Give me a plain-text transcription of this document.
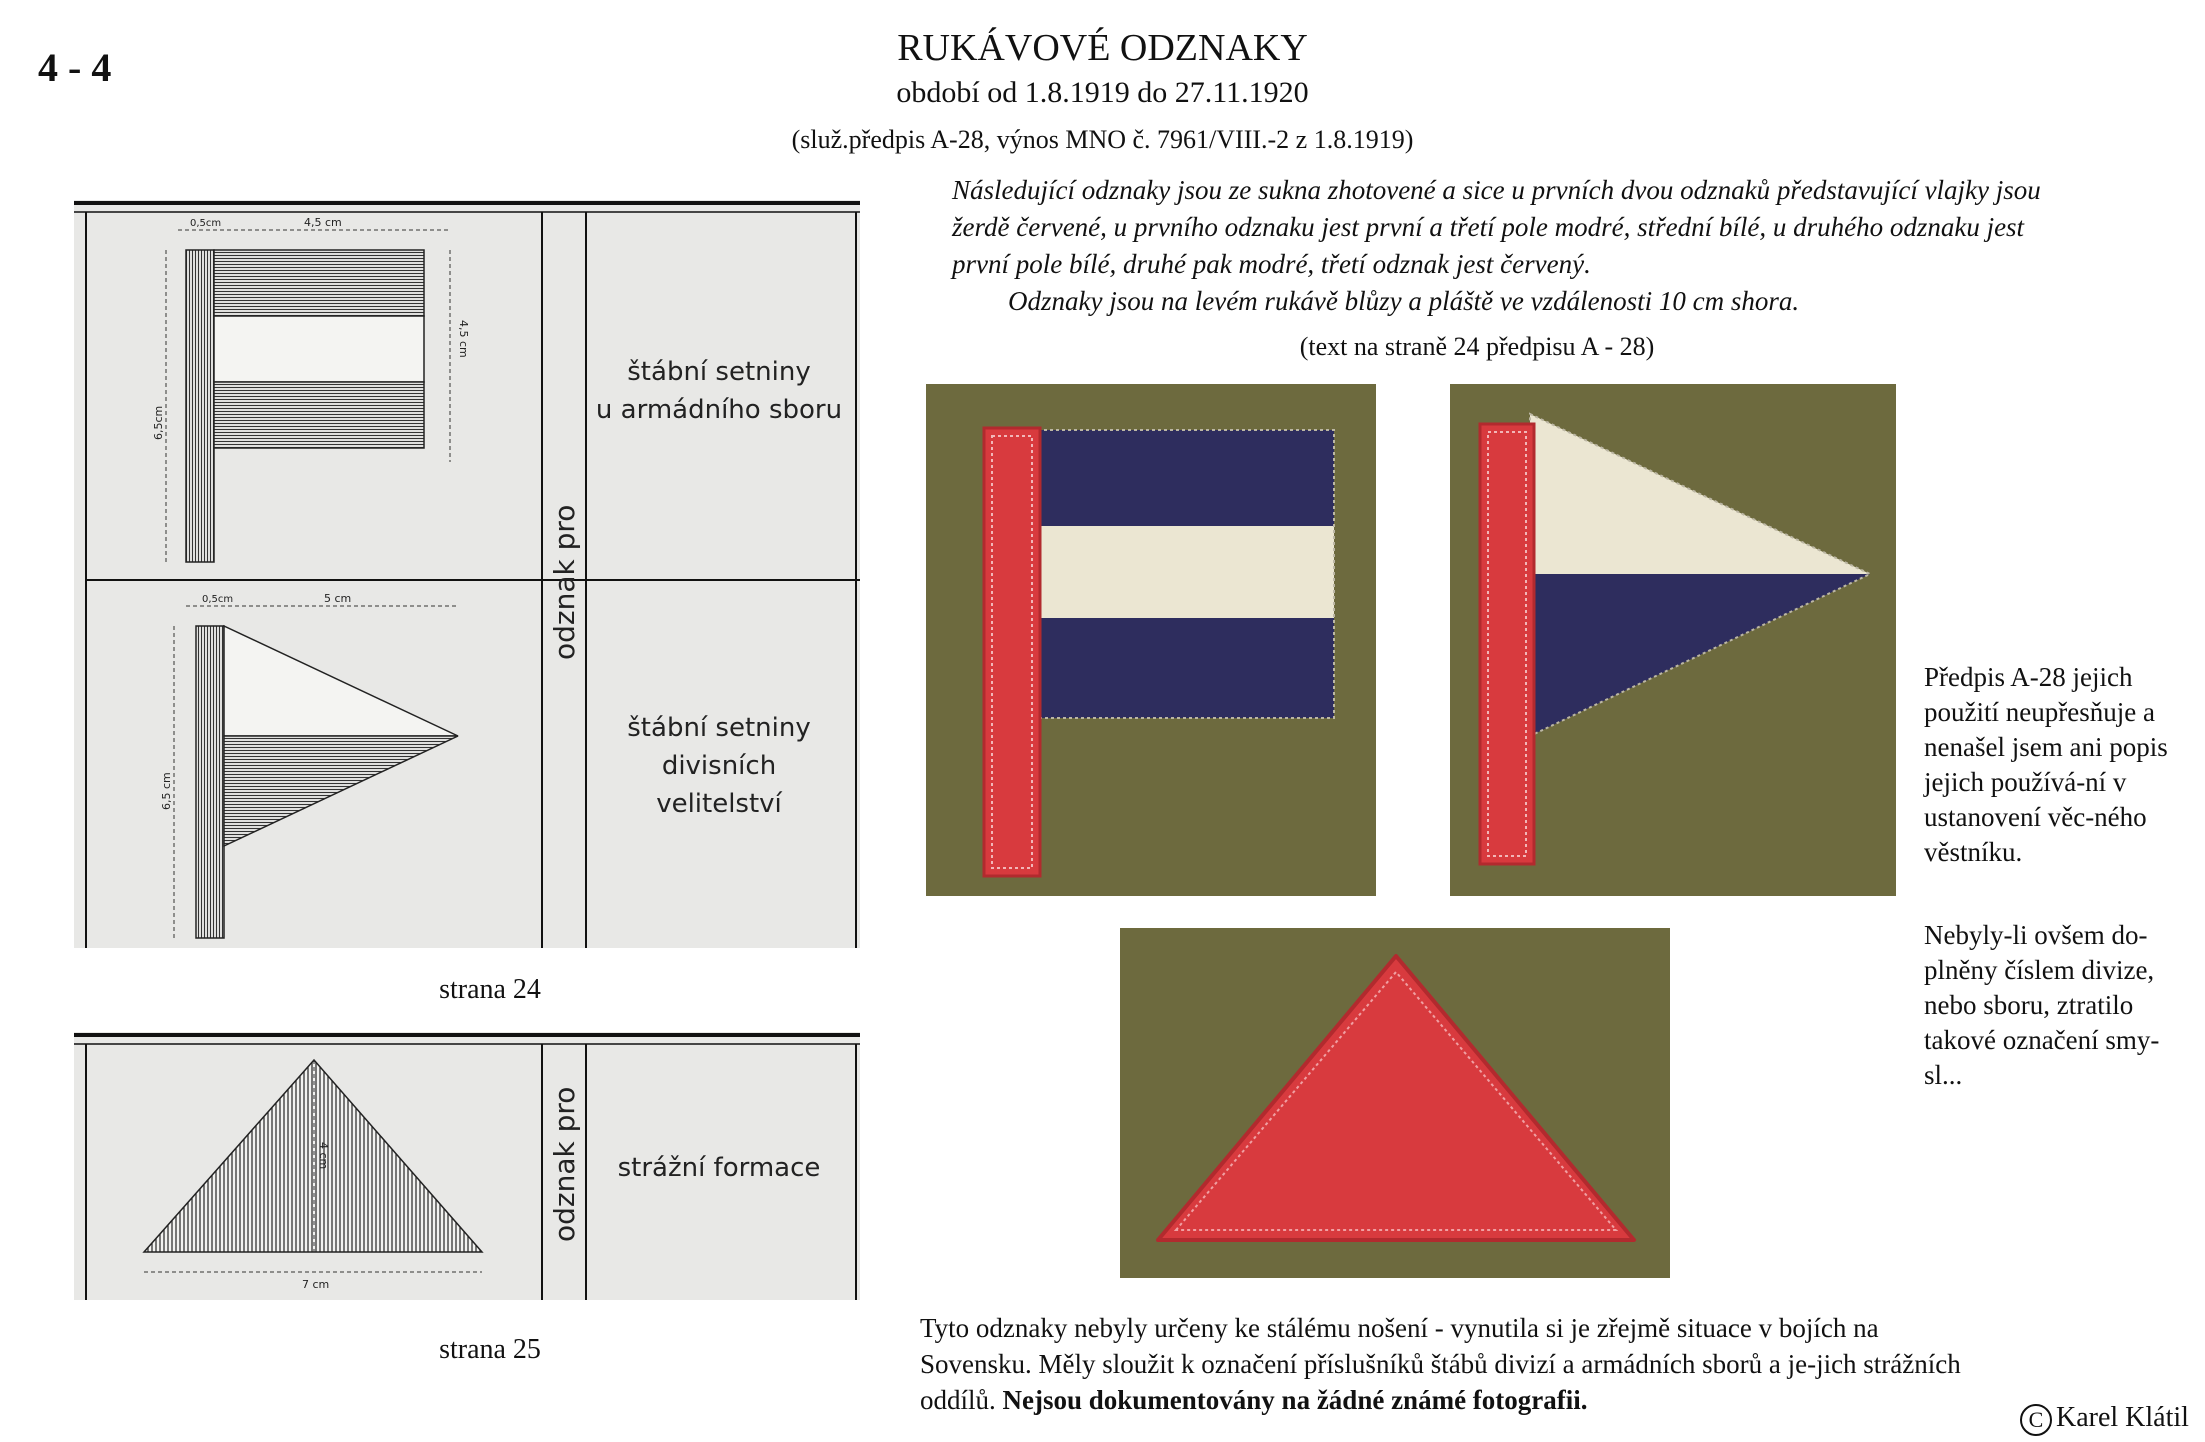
4 - 4	RUKÁVOVÉ ODZNAKY
období od 1.8.1919 do 27.11.1920
(služ.předpis A-28, výnos MNO č. 7961/VIII.-2 z 1.8.1919)
0,5cm	4,5 cm
4,5 cm
6,5cm
0,5cm	5 cm
6,5 cm
odznak pro
štábní setniny
u armádního sboru
štábní setniny
divisních
velitelství
strana 24
7 cm
4 cm	odznak pro strážní formace
strana 25
Následující odznaky jsou ze sukna zhotovené a sice u prvních dvou odznaků představující vlajky jsou žerdě červené, u prvního odznaku jest první a třetí pole modré, střední bílé, u druhého odznaku jest první pole bílé, druhé pak modré, třetí odznak jest červený.
Odznaky jsou na levém rukávě blůzy a pláště ve vzdálenosti 10 cm shora.
(text na straně 24 předpisu A - 28)
Předpis A-28 jejich použití neupřesňuje a nenašel jsem ani popis jejich používá-ní v ustanovení věc-ného věstníku.
Nebyly-li ovšem do-plněny číslem divize, nebo sboru, ztratilo takové označení smy-sl...
Tyto odznaky nebyly určeny ke stálému nošení - vynutila si je zřejmě situace v bojích na Sovensku. Měly sloužit k označení příslušníků štábů divizí a armádních sborů a je-jich strážních oddílů. Nejsou dokumentovány na žádné známé fotografii.
C Karel Klátil
